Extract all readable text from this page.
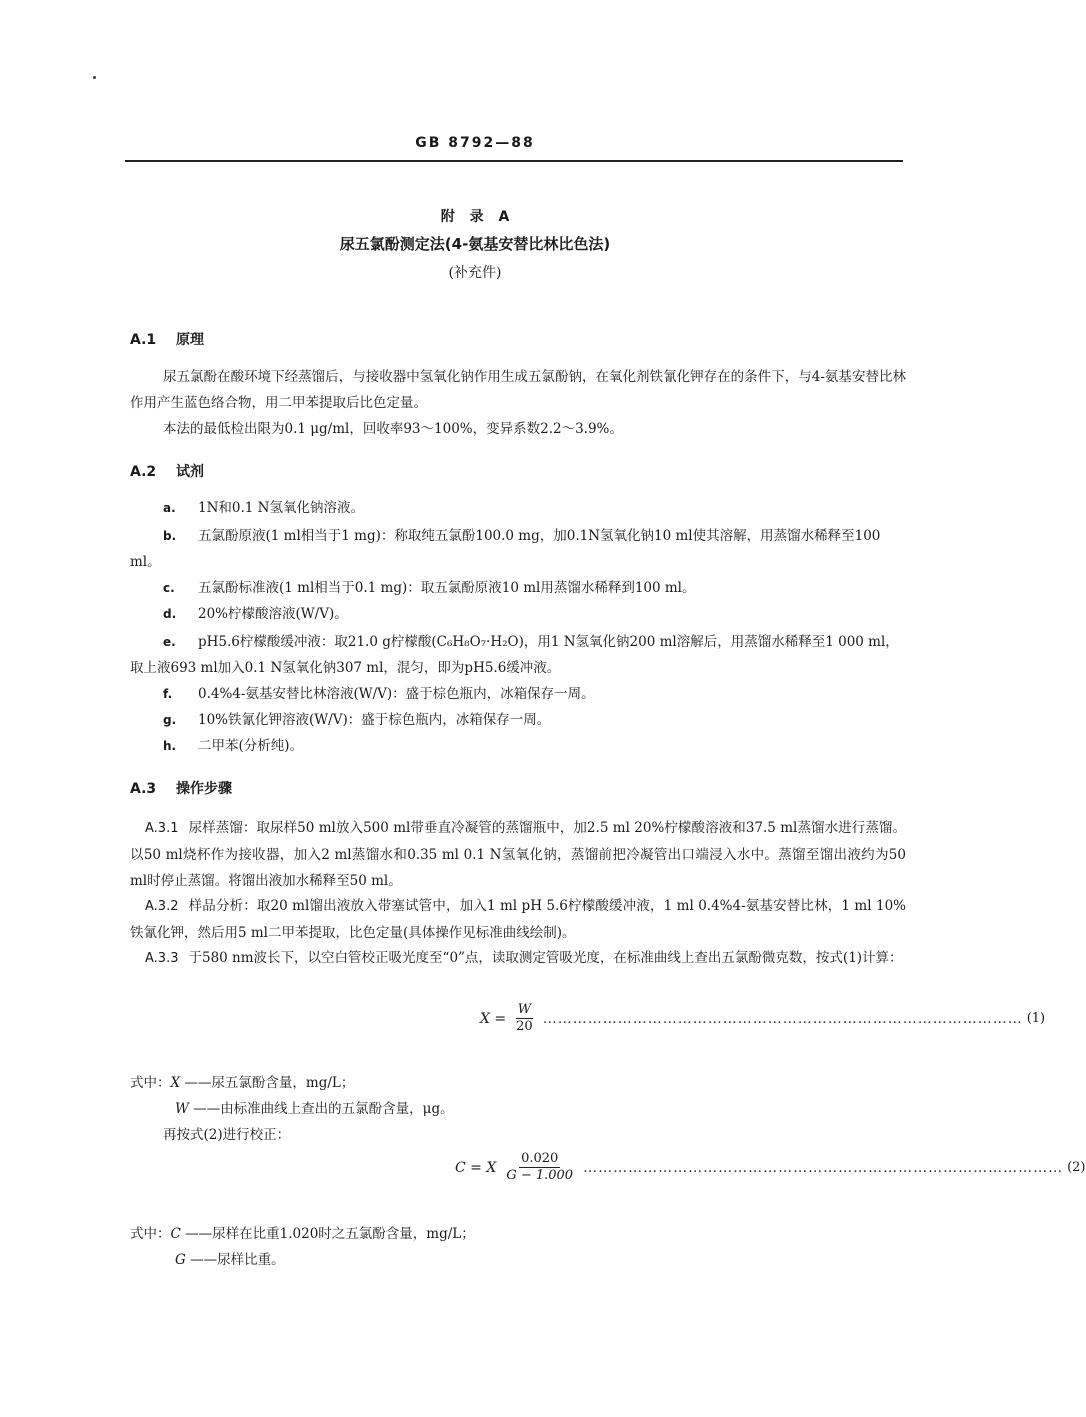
GB 8792—88
附 录 A
尿五氯酚测定法(4-氨基安替比林比色法)
(补充件)
A.1 原理
尿五氯酚在酸环境下经蒸馏后，与接收器中氢氧化钠作用生成五氯酚钠，在氧化剂铁氰化钾存在的条件下，与4-氨基安替比林作用产生蓝色络合物，用二甲苯提取后比色定量。
本法的最低检出限为0.1 μg/ml，回收率93～100%，变异系数2.2～3.9%。
A.2 试剂
a. 1N和0.1 N氢氧化钠溶液。
b. 五氯酚原液(1 ml相当于1 mg)：称取纯五氯酚100.0 mg，加0.1N氢氧化钠10 ml使其溶解，用蒸馏水稀释至100 ml。
c. 五氯酚标准液(1 ml相当于0.1 mg)：取五氯酚原液10 ml用蒸馏水稀释到100 ml。
d. 20%柠檬酸溶液(W/V)。
e. pH5.6柠檬酸缓冲液：取21.0 g柠檬酸(C₆H₈O₇·H₂O)，用1 N氢氧化钠200 ml溶解后，用蒸馏水稀释至1 000 ml，取上液693 ml加入0.1 N氢氧化钠307 ml，混匀，即为pH5.6缓冲液。
f. 0.4%4-氨基安替比林溶液(W/V)：盛于棕色瓶内，冰箱保存一周。
g. 10%铁氰化钾溶液(W/V)：盛于棕色瓶内，冰箱保存一周。
h. 二甲苯(分析纯)。
A.3 操作步骤
A.3.1 尿样蒸馏：取尿样50 ml放入500 ml带垂直冷凝管的蒸馏瓶中，加2.5 ml 20%柠檬酸溶液和37.5 ml蒸馏水进行蒸馏。以50 ml烧杯作为接收器，加入2 ml蒸馏水和0.35 ml 0.1 N氢氧化钠，蒸馏前把冷凝管出口端浸入水中。蒸馏至馏出液约为50 ml时停止蒸馏。将馏出液加水稀释至50 ml。
A.3.2 样品分析：取20 ml馏出液放入带塞试管中，加入1 ml pH 5.6柠檬酸缓冲液，1 ml 0.4%4-氨基安替比林，1 ml 10%铁氰化钾，然后用5 ml二甲苯提取，比色定量(具体操作见标准曲线绘制)。
A.3.3 于580 nm波长下，以空白管校正吸光度至“0”点，读取测定管吸光度，在标准曲线上查出五氯酚微克数，按式(1)计算：
$X = \frac{W}{20}$ …………………………………………………………………………………… (1)
式中：X ——尿五氯酚含量，mg/L；
W ——由标准曲线上查出的五氯酚含量，μg。
再按式(2)进行校正：
C = X $\frac{0.020}{G - 1.000}$ …………………………………………………………………………………… (2)
式中：C ——尿样在比重1.020时之五氯酚含量，mg/L；
G ——尿样比重。
